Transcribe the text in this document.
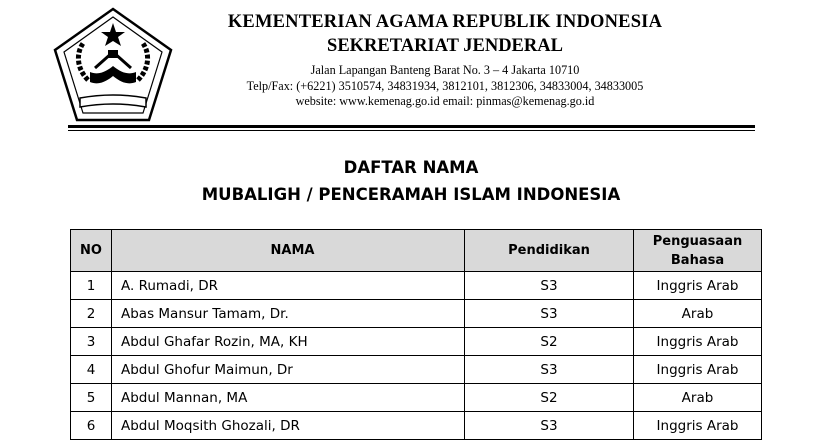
KEMENTERIAN AGAMA REPUBLIK INDONESIA
SEKRETARIAT JENDERAL
Jalan Lapangan Banteng Barat No. 3 – 4 Jakarta 10710
Telp/Fax: (+6221) 3510574, 34831934, 3812101, 3812306, 34833004, 34833005
website: www.kemenag.go.id email: pinmas@kemenag.go.id
DAFTAR NAMA
MUBALIGH / PENCERAMAH ISLAM INDONESIA
NO	NAMA	Pendidikan	Penguasaan
Bahasa
1	A. Rumadi, DR	S3	Inggris Arab
2	Abas Mansur Tamam, Dr.	S3	Arab
3	Abdul Ghafar Rozin, MA, KH	S2	Inggris Arab
4	Abdul Ghofur Maimun, Dr	S3	Inggris Arab
5	Abdul Mannan, MA	S2	Arab
6	Abdul Moqsith Ghozali, DR	S3	Inggris Arab
